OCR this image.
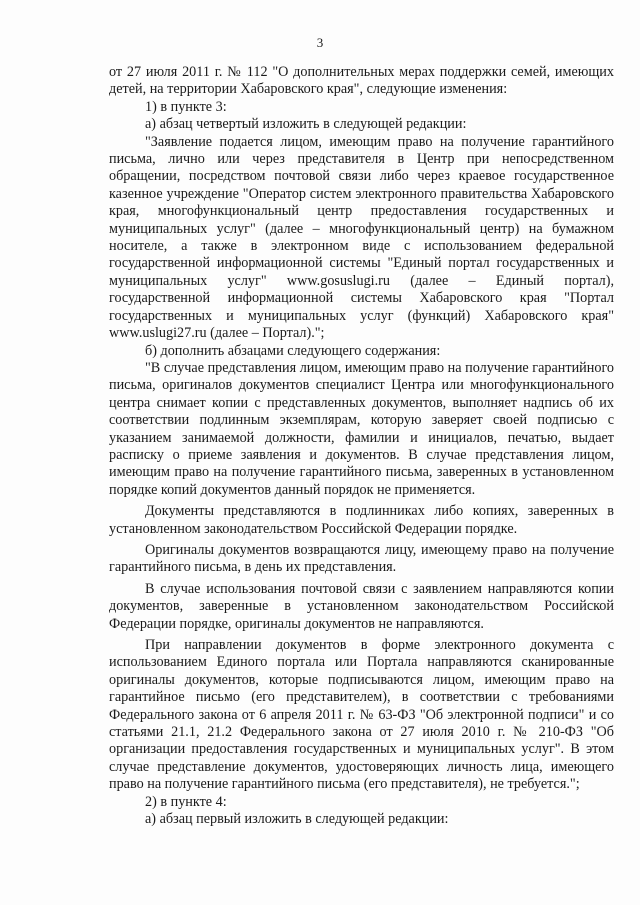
3

от 27 июля 2011 г. № 112 "О дополнительных мерах поддержки семей, имеющих детей, на территории Хабаровского края", следующие изменения:

1) в пункте 3:

а) абзац четвертый изложить в следующей редакции:

"Заявление подается лицом, имеющим право на получение гарантийного письма, лично или через представителя в Центр при непосредственном обращении, посредством почтовой связи либо через краевое государственное казенное учреждение "Оператор систем электронного правительства Хабаровского края, многофункциональный центр предоставления государственных и муниципальных услуг" (далее – многофункциональный центр) на бумажном носителе, а также в электронном виде с использованием федеральной государственной информационной системы "Единый портал государственных и муниципальных услуг" www.gosuslugi.ru (далее – Единый портал), государственной информационной системы Хабаровского края "Портал государственных и муниципальных услуг (функций) Хабаровского края" www.uslugi27.ru (далее – Портал).";

б) дополнить абзацами следующего содержания:

"В случае представления лицом, имеющим право на получение гарантийного письма, оригиналов документов специалист Центра или многофункционального центра снимает копии с представленных документов, выполняет надпись об их соответствии подлинным экземплярам, которую заверяет своей подписью с указанием занимаемой должности, фамилии и инициалов, печатью, выдает расписку о приеме заявления и документов. В случае представления лицом, имеющим право на получение гарантийного письма, заверенных в установленном порядке копий документов данный порядок не применяется.

Документы представляются в подлинниках либо копиях, заверенных в установленном законодательством Российской Федерации порядке.

Оригиналы документов возвращаются лицу, имеющему право на получение гарантийного письма, в день их представления.

В случае использования почтовой связи с заявлением направляются копии документов, заверенные в установленном законодательством Российской Федерации порядке, оригиналы документов не направляются.

При направлении документов в форме электронного документа с использованием Единого портала или Портала направляются сканированные оригиналы документов, которые подписываются лицом, имеющим право на гарантийное письмо (его представителем), в соответствии с требованиями Федерального закона от 6 апреля 2011 г. № 63-ФЗ "Об электронной подписи" и со статьями 21.1, 21.2 Федерального закона от 27 июля 2010 г. № 210-ФЗ "Об организации предоставления государственных и муниципальных услуг". В этом случае представление документов, удостоверяющих личность лица, имеющего право на получение гарантийного письма (его представителя), не требуется.";

2) в пункте 4:

а) абзац первый изложить в следующей редакции:
